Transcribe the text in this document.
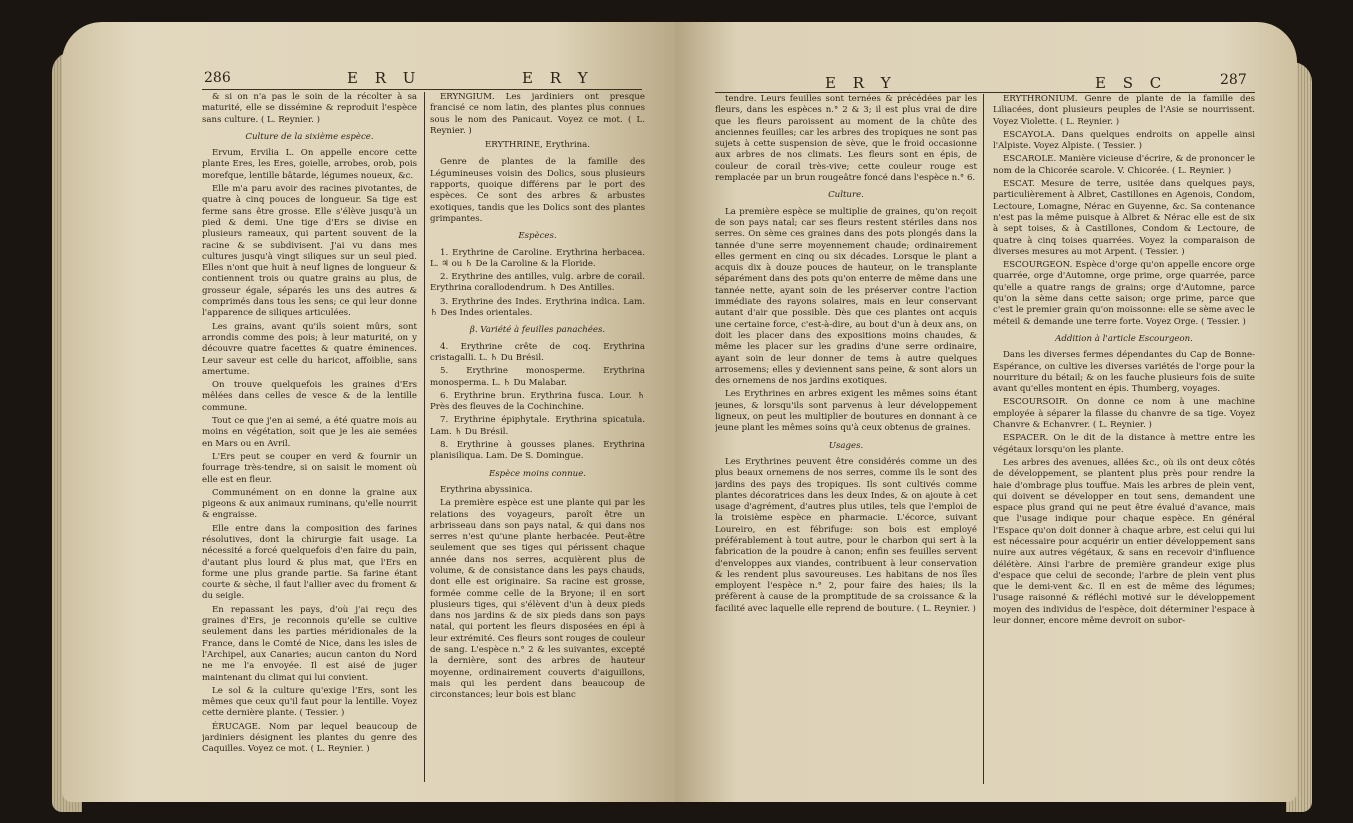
286	E R U	E R Y

& si on n'a pas le soin de la récolter à sa maturité, elle se dissémine & reproduit l'espèce sans culture. ( L. Reynier. )

Culture de la sixième espèce.

Ervum, Ervilia L. On appelle encore cette plante Eres, les Eres, goielle, arrobes, orob, pois morefque, lentille bâtarde, légumes noueux, &c.

Elle m'a paru avoir des racines pivotantes, de quatre à cinq pouces de longueur. Sa tige est ferme sans être grosse. Elle s'élève jusqu'à un pied & demi. Une tige d'Ers se divise en plusieurs rameaux, qui partent souvent de la racine & se subdivisent. J'ai vu dans mes cultures jusqu'à vingt siliques sur un seul pied. Elles n'ont que huit à neuf lignes de longueur & contiennent trois ou quatre grains au plus, de grosseur égale, séparés les uns des autres & comprimés dans tous les sens; ce qui leur donne l'apparence de siliques articulées.

Les grains, avant qu'ils soient mûrs, sont arrondis comme des pois; à leur maturité, on y découvre quatre facettes & quatre éminences. Leur saveur est celle du haricot, affoiblie, sans amertume.

On trouve quelquefois les graines d'Ers mêlées dans celles de vesce & de la lentille commune.

Tout ce que j'en ai semé, a été quatre mois au moins en végétation, soit que je les aie semées en Mars ou en Avril.

L'Ers peut se couper en verd & fournir un fourrage très-tendre, si on saisit le moment où elle est en fleur.

Communément on en donne la graine aux pigeons & aux animaux ruminans, qu'elle nourrit & engraisse.

Elle entre dans la composition des farines résolutives, dont la chirurgie fait usage. La nécessité a forcé quelquefois d'en faire du pain, d'autant plus lourd & plus mat, que l'Ers en forme une plus grande partie. Sa farine étant courte & sèche, il faut l'allier avec du froment & du seigle.

En repassant les pays, d'où j'ai reçu des graines d'Ers, je reconnois qu'elle se cultive seulement dans les parties méridionales de la France, dans le Comté de Nice, dans les isles de l'Archipel, aux Canaries; aucun canton du Nord ne me l'a envoyée. Il est aisé de juger maintenant du climat qui lui convient.

Le sol & la culture qu'exige l'Ers, sont les mêmes que ceux qu'il faut pour la lentille. Voyez cette dernière plante. ( Tessier. )

ÉRUCAGE. Nom par lequel beaucoup de jardiniers désignent les plantes du genre des Caquilles. Voyez ce mot. ( L. Reynier. )

ERYNGIUM. Les jardiniers ont presque francisé ce nom latin, des plantes plus connues sous le nom des Panicaut. Voyez ce mot. ( L. Reynier. )

ERYTHRINE, Erythrina.

Genre de plantes de la famille des Légumineuses voisin des Dolics, sous plusieurs rapports, quoique différens par le port des espèces. Ce sont des arbres & arbustes exotiques, tandis que les Dolics sont des plantes grimpantes.

Espèces.

1. Erythrine de Caroline. Erythrina herbacea. L. ♃ ou ♄ De la Caroline & la Floride.

2. Erythrine des antilles, vulg. arbre de corail. Erythrina corallodendrum. ♄ Des Antilles.

3. Erythrine des Indes. Erythrina indica. Lam. ♄ Des Indes orientales.

β. Variété à feuilles panachées.

4. Erythrine crête de coq. Erythrina cristagalli. L. ♄ Du Brésil.

5. Erythrine monosperme. Erythrina monosperma. L. ♄ Du Malabar.

6. Erythrine brun. Erythrina fusca. Lour. ♄ Près des fleuves de la Cochinchine.

7. Erythrine épiphytale. Erythrina spicatula. Lam. ♄ Du Brésil.

8. Erythrine à gousses planes. Erythrina planisiliqua. Lam. De S. Domingue.

Espèce moins connue.

Erythrina abyssinica.

La première espèce est une plante qui par les relations des voyageurs, paroît être un arbrisseau dans son pays natal, & qui dans nos serres n'est qu'une plante herbacée. Peut-être seulement que ses tiges qui périssent chaque année dans nos serres, acquièrent plus de volume, & de consistance dans les pays chauds, dont elle est originaire. Sa racine est grosse, formée comme celle de la Bryone; il en sort plusieurs tiges, qui s'élèvent d'un à deux pieds dans nos jardins & de six pieds dans son pays natal, qui portent les fleurs disposées en épi à leur extrémité. Ces fleurs sont rouges de couleur de sang. L'espèce n.° 2 & les suivantes, excepté la dernière, sont des arbres de hauteur moyenne, ordinairement couverts d'aiguillons, mais qui les perdent dans beaucoup de circonstances; leur bois est blanc

E R Y	E S C	287

tendre. Leurs feuilles sont ternées & précédées par les fleurs, dans les espèces n.° 2 & 3; il est plus vrai de dire que les fleurs paroissent au moment de la chûte des anciennes feuilles; car les arbres des tropiques ne sont pas sujets à cette suspension de sève, que le froid occasionne aux arbres de nos climats. Les fleurs sont en épis, de couleur de corail très-vive; cette couleur rouge est remplacée par un brun rougeâtre foncé dans l'espèce n.° 6.

Culture.

La première espèce se multiplie de graines, qu'on reçoit de son pays natal; car ses fleurs restent stériles dans nos serres. On sème ces graines dans des pots plongés dans la tannée d'une serre moyennement chaude; ordinairement elles germent en cinq ou six décades. Lorsque le plant a acquis dix à douze pouces de hauteur, on le transplante séparément dans des pots qu'on enterre de même dans une tannée nette, ayant soin de les préserver contre l'action immédiate des rayons solaires, mais en leur conservant autant d'air que possible. Dès que ces plantes ont acquis une certaine force, c'est-à-dire, au bout d'un à deux ans, on doit les placer dans des expositions moins chaudes, & même les placer sur les gradins d'une serre ordinaire, ayant soin de leur donner de tems à autre quelques arrosemens; elles y deviennent sans peine, & sont alors un des ornemens de nos jardins exotiques.

Les Erythrines en arbres exigent les mêmes soins étant jeunes, & lorsqu'ils sont parvenus à leur développement ligneux, on peut les multiplier de boutures en donnant à ce jeune plant les mêmes soins qu'à ceux obtenus de graines.

Usages.

Les Erythrines peuvent être considérés comme un des plus beaux ornemens de nos serres, comme ils le sont des jardins des pays des tropiques. Ils sont cultivés comme plantes décoratrices dans les deux Indes, & on ajoute à cet usage d'agrément, d'autres plus utiles, tels que l'emploi de la troisième espèce en pharmacie. L'écorce, suivant Loureiro, en est fébrifuge: son bois est employé préférablement à tout autre, pour le charbon qui sert à la fabrication de la poudre à canon; enfin ses feuilles servent d'enveloppes aux viandes, contribuent à leur conservation & les rendent plus savoureuses. Les habitans de nos îles employent l'espèce n.° 2, pour faire des haies; ils la préfèrent à cause de la promptitude de sa croissance & la facilité avec laquelle elle reprend de bouture. ( L. Reynier. )

ERYTHRONIUM. Genre de plante de la famille des Liliacées, dont plusieurs peuples de l'Asie se nourrissent. Voyez Violette. ( L. Reynier. )

ESCAYOLA. Dans quelques endroits on appelle ainsi l'Alpiste. Voyez Alpiste. ( Tessier. )

ESCAROLE. Manière vicieuse d'écrire, & de prononcer le nom de la Chicorée scarole. V. Chicorée. ( L. Reynier. )

ESCAT. Mesure de terre, usitée dans quelques pays, particulièrement à Albret, Castillones en Agenois, Condom, Lectoure, Lomagne, Nérac en Guyenne, &c. Sa contenance n'est pas la même puisque à Albret & Nérac elle est de six à sept toises, & à Castillones, Condom & Lectoure, de quatre à cinq toises quarrées. Voyez la comparaison de diverses mesures au mot Arpent. ( Tessier. )

ESCOURGEON. Espèce d'orge qu'on appelle encore orge quarrée, orge d'Automne, orge prime, orge quarrée, parce qu'elle a quatre rangs de grains; orge d'Automne, parce qu'on la sème dans cette saison; orge prime, parce que c'est le premier grain qu'on moissonne: elle se sème avec le méteil & demande une terre forte. Voyez Orge. ( Tessier. )

Addition à l'article Escourgeon.

Dans les diverses fermes dépendantes du Cap de Bonne-Espérance, on cultive les diverses variétés de l'orge pour la nourriture du bétail; & on les fauche plusieurs fois de suite avant qu'elles montent en épis. Thumberg, voyages.

ESCOURSOIR. On donne ce nom à une machine employée à séparer la filasse du chanvre de sa tige. Voyez Chanvre & Echanvrer. ( L. Reynier. )

ESPACER. On le dit de la distance à mettre entre les végétaux lorsqu'on les plante.

Les arbres des avenues, allées &c., où ils ont deux côtés de développement, se plantent plus près pour rendre la haie d'ombrage plus touffue. Mais les arbres de plein vent, qui doivent se développer en tout sens, demandent une espace plus grand qui ne peut être évalué d'avance, mais que l'usage indique pour chaque espèce. En général l'Espace qu'on doit donner à chaque arbre, est celui qui lui est nécessaire pour acquérir un entier développement sans nuire aux autres végétaux, & sans en recevoir d'influence délétère. Ainsi l'arbre de première grandeur exige plus d'espace que celui de seconde; l'arbre de plein vent plus que le demi-vent &c. Il en est de même des légumes; l'usage raisonné & réfléchi motivé sur le développement moyen des individus de l'espèce, doit déterminer l'espace à leur donner, encore même devroit on subor-
